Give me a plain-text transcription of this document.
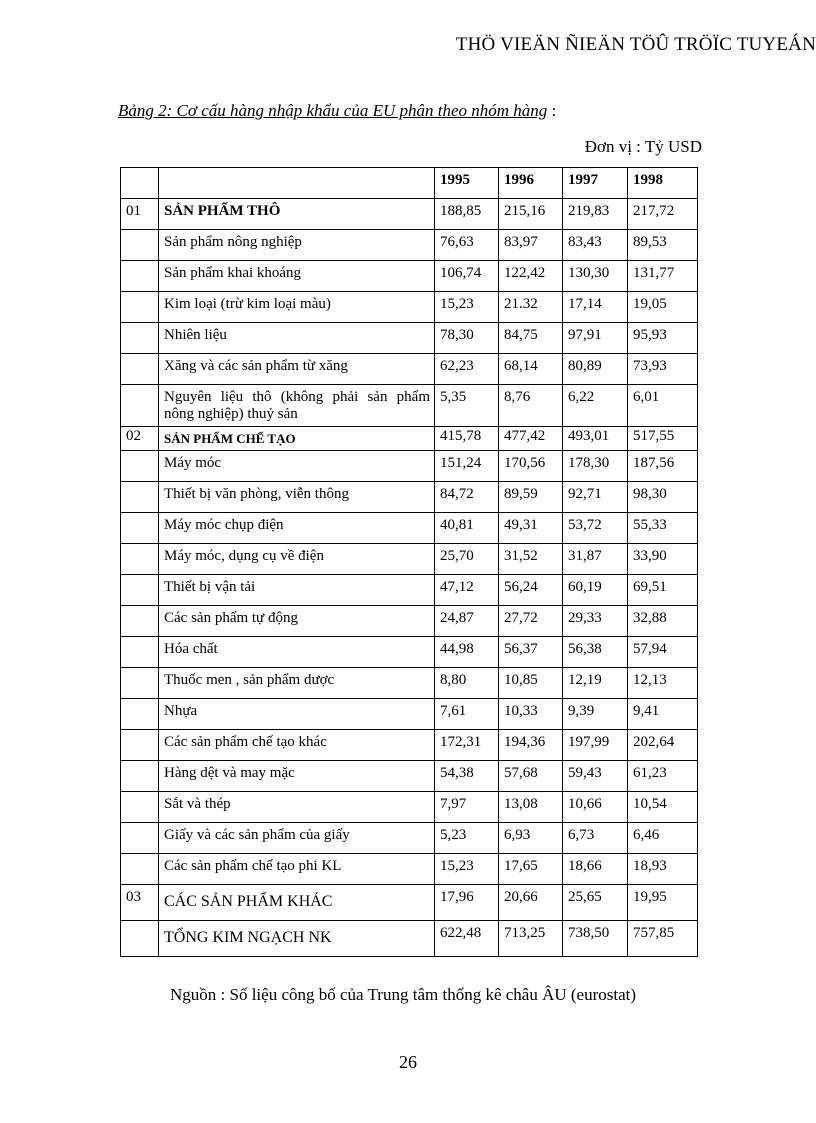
THÖ VIEÄN ÑIEÄN TÖÛ TRÖÏC TUYEÁN
Bảng 2: Cơ cấu hàng nhập khẩu của EU phân theo nhóm hàng :
Đơn vị : Tỷ USD
		1995	1996	1997	1998
01	SẢN PHẨM THÔ	188,85	215,16	219,83	217,72
	Sản phẩm nông nghiệp	76,63	83,97	83,43	89,53
	Sản phẩm khai khoáng	106,74	122,42	130,30	131,77
	Kim loại (trừ kim loại màu)	15,23	21.32	17,14	19,05
	Nhiên liệu	78,30	84,75	97,91	95,93
	Xăng và các sản phẩm từ xăng	62,23	68,14	80,89	73,93
	Nguyên liệu thô (không phải sản phẩm nông nghiệp) thuỷ sản	5,35	8,76	6,22	6,01
02	SẢN PHẨM CHẾ TẠO	415,78	477,42	493,01	517,55
	Máy móc	151,24	170,56	178,30	187,56
	Thiết bị văn phòng, viễn thông	84,72	89,59	92,71	98,30
	Máy móc chụp điện	40,81	49,31	53,72	55,33
	Máy móc, dụng cụ về điện	25,70	31,52	31,87	33,90
	Thiết bị vận tải	47,12	56,24	60,19	69,51
	Các sản phẩm tự động	24,87	27,72	29,33	32,88
	Hóa chất	44,98	56,37	56,38	57,94
	Thuốc men , sản phẩm dược	8,80	10,85	12,19	12,13
	Nhựa	7,61	10,33	9,39	9,41
	Các sản phẩm chế tạo khác	172,31	194,36	197,99	202,64
	Hàng dệt và may mặc	54,38	57,68	59,43	61,23
	Sắt và thép	7,97	13,08	10,66	10,54
	Giấy và các sản phẩm của giấy	5,23	6,93	6,73	6,46
	Các sản phẩm chế tạo phi KL	15,23	17,65	18,66	18,93
03	CÁC SẢN PHẨM KHÁC	17,96	20,66	25,65	19,95
	TỔNG KIM NGẠCH NK	622,48	713,25	738,50	757,85
Nguồn : Số liệu công bố của Trung tâm thống kê châu ÂU (eurostat)
26
